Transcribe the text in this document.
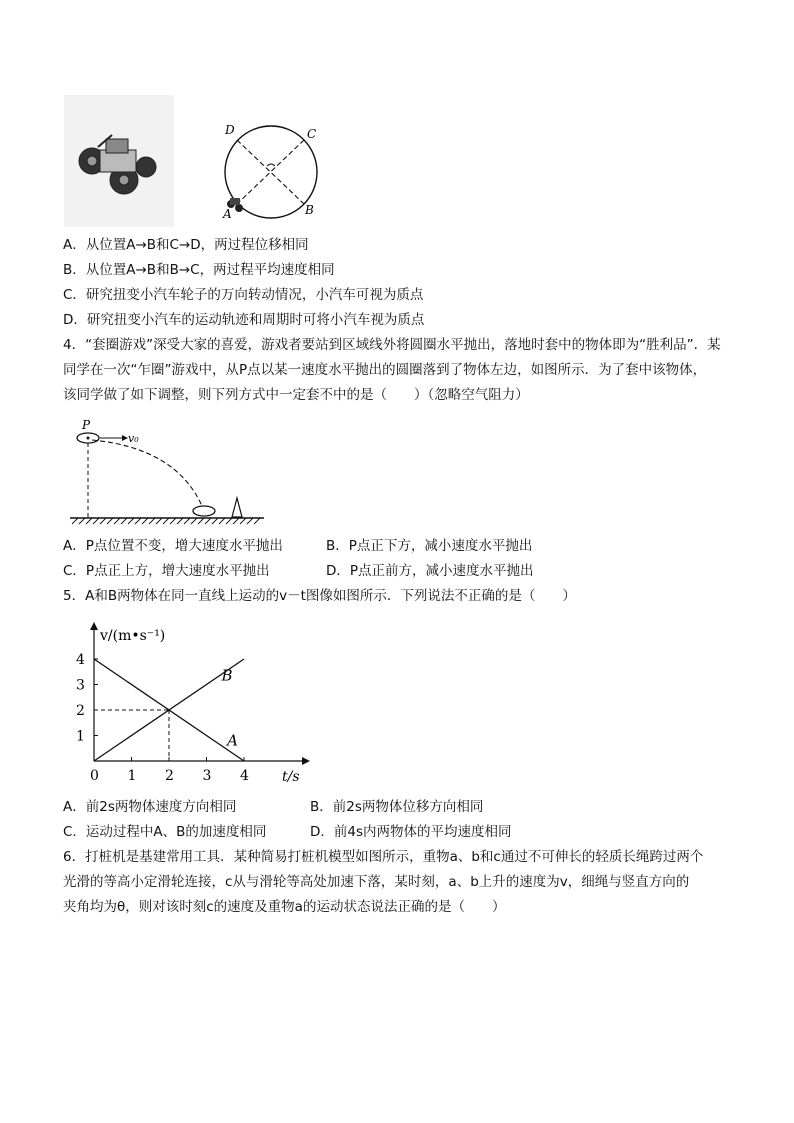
D	C
A	B
A．从位置A→B和C→D，两过程位移相同
B．从位置A→B和B→C，两过程平均速度相同
C．研究扭变小汽车轮子的万向转动情况，小汽车可视为质点
D．研究扭变小汽车的运动轨迹和周期时可将小汽车视为质点
4．“套圈游戏”深受大家的喜爱，游戏者要站到区域线外将圆圈水平抛出，落地时套中的物体即为“胜利品”．某
同学在一次“乍圈”游戏中，从P点以某一速度水平抛出的圆圈落到了物体左边，如图所示．为了套中该物体，
该同学做了如下调整，则下列方式中一定套不中的是（　　）（忽略空气阻力）
P
v₀
A．P点位置不变，增大速度水平抛出	B．P点正下方，减小速度水平抛出
C．P点正上方，增大速度水平抛出	D．P点正前方，减小速度水平抛出
5．A和B两物体在同一直线上运动的v－t图像如图所示．下列说法不正确的是（　　）
v/(m•s⁻¹)
t/s
0 1 2 3 4
1
2
3
4
A
B
A．前2s两物体速度方向相同	B．前2s两物体位移方向相同
C．运动过程中A、B的加速度相同	D．前4s内两物体的平均速度相同
6．打桩机是基建常用工具．某种简易打桩机模型如图所示，重物a、b和c通过不可伸长的轻质长绳跨过两个
光滑的等高小定滑轮连接，c从与滑轮等高处加速下落，某时刻，a、b上升的速度为v，细绳与竖直方向的
夹角均为θ，则对该时刻c的速度及重物a的运动状态说法正确的是（　　）
